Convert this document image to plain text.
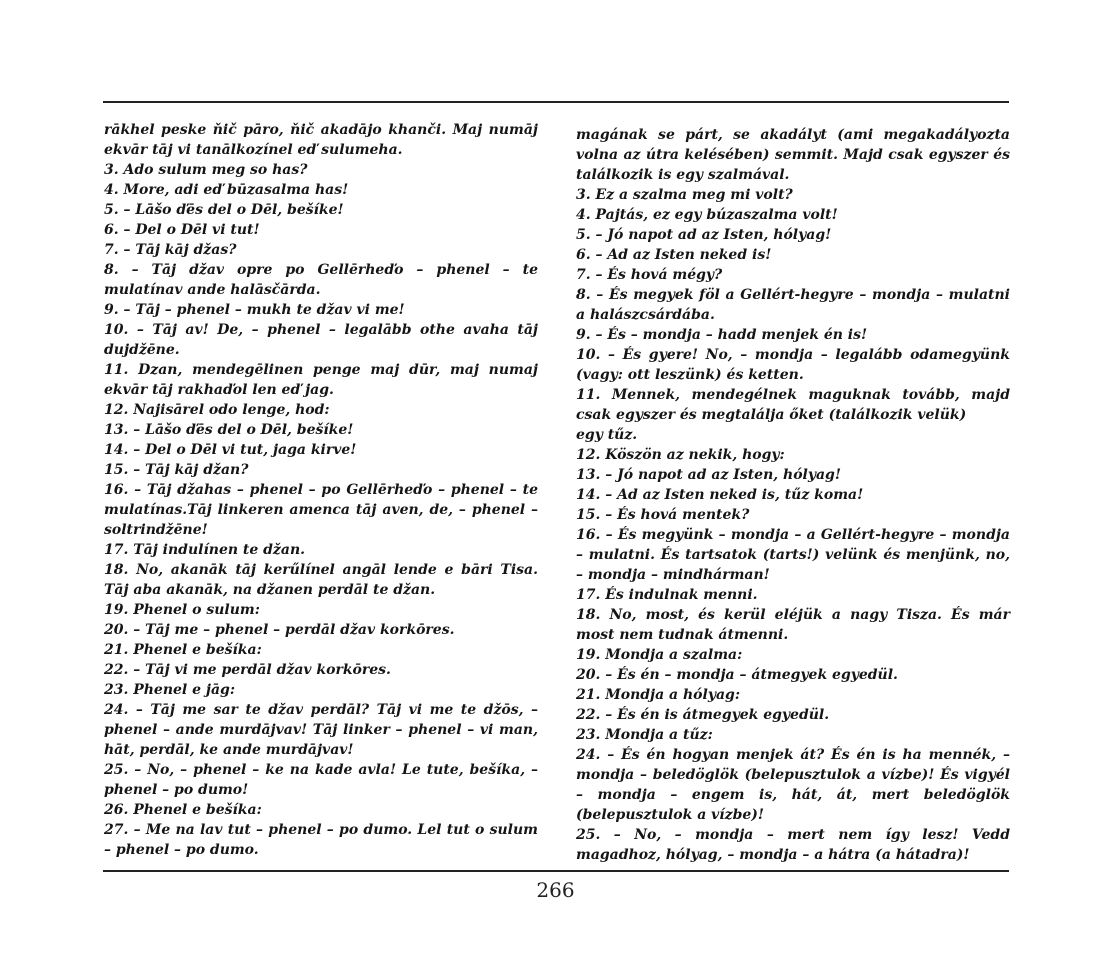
rākhel peske ňič pāro, ňič akadājo khanči. Maj numāj ekvār tāj vi tanālkozínel eď sulumeha.

3. Ado sulum meg so has?

4. More, adi eď būzasalma has!

5. – Lāšo ďēs del o Dēl, bešíke!

6. – Del o Dēl vi tut!

7. – Tāj kāj džas?

8. – Tāj džav opre po Gellērheďo – phenel – te mulatínav ande halāsčārda.

9. – Tāj – phenel – mukh te džav vi me!

10. – Tāj av! De, – phenel – legalābb othe avaha tāj dujdžēne.

11. Dzan, mendegēlinen penge maj dūr, maj numaj ekvār tāj rakhaďol len eď jag.

12. Najisārel odo lenge, hod:

13. – Lāšo ďēs del o Dēl, bešíke!

14. – Del o Dēl vi tut, jaga kirve!

15. – Tāj kāj džan?

16. – Tāj džahas – phenel – po Gellērheďo – phenel – te mulatínas.Tāj linkeren amenca tāj aven, de, – phenel – soltrindžēne!

17. Tāj indulínen te džan.

18. No, akanāk tāj kerűlínel angāl lende e bāri Tisa. Tāj aba akanāk, na džanen perdāl te džan.

19. Phenel o sulum:

20. – Tāj me – phenel – perdāl džav korkōres.

21. Phenel e bešíka:

22. – Tāj vi me perdāl džav korkōres.

23. Phenel e jāg:

24. – Tāj me sar te džav perdāl? Tāj vi me te džōs, – phenel – ande murdājvav! Tāj linker – phenel – vi man, hāt, perdāl, ke ande murdājvav!

25. – No, – phenel – ke na kade avla! Le tute, bešíka, – phenel – po dumo!

26. Phenel e bešíka:

27. – Me na lav tut – phenel – po dumo. Lel tut o sulum – phenel – po dumo.

magának se párt, se akadályt (ami megakadályozta volna az útra kelésében) semmit. Majd csak egyszer és találkozik is egy szalmával.

3. Ez a szalma meg mi volt?

4. Pajtás, ez egy búzaszalma volt!

5. – Jó napot ad az Isten, hólyag!

6. – Ad az Isten neked is!

7. – És hová mégy?

8. – És megyek föl a Gellért-hegyre – mondja – mulatni a halászcsárdába.

9. – És – mondja – hadd menjek én is!

10. – És gyere! No, – mondja – legalább odamegyünk (vagy: ott leszünk) és ketten.

11. Mennek, mendegélnek maguknak tovább, majd csak egyszer és megtalálja őket (találkozik velük)

egy tűz.

12. Köszön az nekik, hogy:

13. – Jó napot ad az Isten, hólyag!

14. – Ad az Isten neked is, tűz koma!

15. – És hová mentek?

16. – És megyünk – mondja – a Gellért-hegyre – mondja – mulatni. És tartsatok (tarts!) velünk és menjünk, no, – mondja – mindhárman!

17. És indulnak menni.

18. No, most, és kerül eléjük a nagy Tisza. És már most nem tudnak átmenni.

19. Mondja a szalma:

20. – És én – mondja – átmegyek egyedül.

21. Mondja a hólyag:

22. – És én is átmegyek egyedül.

23. Mondja a tűz:

24. – És én hogyan menjek át? És én is ha mennék, – mondja – beledöglök (belepusztulok a vízbe)! És vigyél – mondja – engem is, hát, át, mert beledöglök (belepusztulok a vízbe)!

25. – No, – mondja – mert nem így lesz! Vedd magadhoz, hólyag, – mondja – a hátra (a hátadra)!

266
